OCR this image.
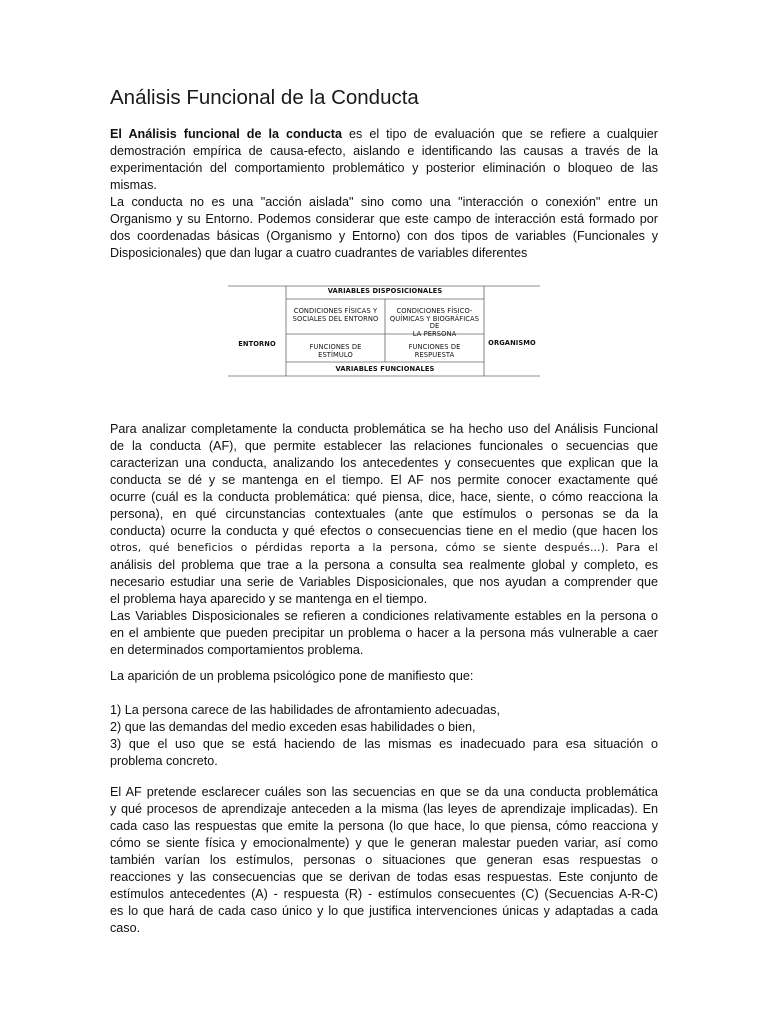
Análisis Funcional de la Conducta
El Análisis funcional de la conducta es el tipo de evaluación que se refiere a cualquier
demostración empírica de causa-efecto, aislando e identificando las causas a través de la
experimentación del comportamiento problemático y posterior eliminación o bloqueo de las
mismas.
La conducta no es una "acción aislada" sino como una "interacción o conexión" entre un
Organismo y su Entorno. Podemos considerar que este campo de interacción está formado por
dos coordenadas básicas (Organismo y Entorno) con dos tipos de variables (Funcionales y
Disposicionales) que dan lugar a cuatro cuadrantes de variables diferentes
Para analizar completamente la conducta problemática se ha hecho uso del Análisis Funcional
de la conducta (AF), que permite establecer las relaciones funcionales o secuencias que
caracterizan una conducta, analizando los antecedentes y consecuentes que explican que la
conducta se dé y se mantenga en el tiempo. El AF nos permite conocer exactamente qué
ocurre (cuál es la conducta problemática: qué piensa, dice, hace, siente, o cómo reacciona la
persona), en qué circunstancias contextuales (ante que estímulos o personas se da la
conducta) ocurre la conducta y qué efectos o consecuencias tiene en el medio (que hacen los
otros, qué beneficios o pérdidas reporta a la persona, cómo se siente después…). Para el
análisis del problema que trae a la persona a consulta sea realmente global y completo, es
necesario estudiar una serie de Variables Disposicionales, que nos ayudan a comprender que
el problema haya aparecido y se mantenga en el tiempo.
Las Variables Disposicionales se refieren a condiciones relativamente estables en la persona o
en el ambiente que pueden precipitar un problema o hacer a la persona más vulnerable a caer
en determinados comportamientos problema.
La aparición de un problema psicológico pone de manifiesto que:
1) La persona carece de las habilidades de afrontamiento adecuadas,
2) que las demandas del medio exceden esas habilidades o bien,
3) que el uso que se está haciendo de las mismas es inadecuado para esa situación o
problema concreto.
El AF pretende esclarecer cuáles son las secuencias en que se da una conducta problemática
y qué procesos de aprendizaje anteceden a la misma (las leyes de aprendizaje implicadas). En
cada caso las respuestas que emite la persona (lo que hace, lo que piensa, cómo reacciona y
cómo se siente física y emocionalmente) y que le generan malestar pueden variar, así como
también varían los estímulos, personas o situaciones que generan esas respuestas o
reacciones y las consecuencias que se derivan de todas esas respuestas. Este conjunto de
estímulos antecedentes (A) - respuesta (R) - estímulos consecuentes (C) (Secuencias A-R-C)
es lo que hará de cada caso único y lo que justifica intervenciones únicas y adaptadas a cada
caso.
VARIABLES DISPOSICIONALES
CONDICIONES FÍSICAS Y
SOCIALES DEL ENTORNO
CONDICIONES FÍSICO-
QUÍMICAS Y BIOGRÁFICAS DE
LA PERSONA
FUNCIONES DE
ESTÍMULO
FUNCIONES DE
RESPUESTA
ENTORNO	ORGANISMO
VARIABLES FUNCIONALES
